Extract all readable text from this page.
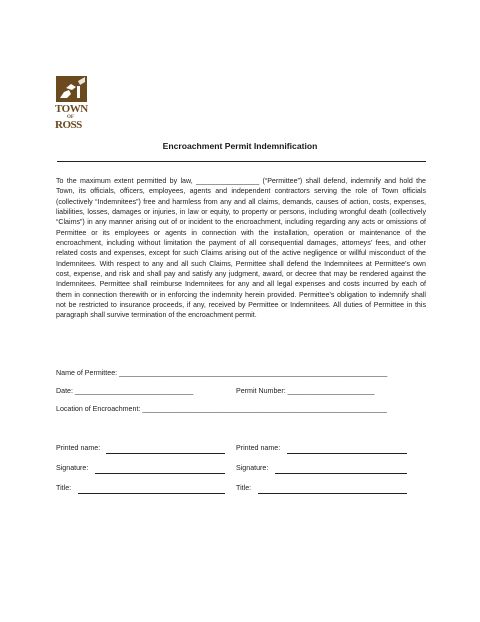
TOWN
OF
ROSS
Encroachment Permit Indemnification
To the maximum extent permitted by law, ________________ (“Permittee”) shall defend, indemnify and hold the Town, its officials, officers, employees, agents and independent contractors serving the role of Town officials (collectively “Indemnitees”) free and harmless from any and all claims, demands, causes of action, costs, expenses, liabilities, losses, damages or injuries, in law or equity, to property or persons, including wrongful death (collectively “Claims”) in any manner arising out of or incident to the encroachment, including regarding any acts or omissions of Permittee or its employees or agents in connection with the installation, operation or maintenance of the encroachment, including without limitation the payment of all consequential damages, attorneys’ fees, and other related costs and expenses, except for such Claims arising out of the active negligence or willful misconduct of the Indemnitees. With respect to any and all such Claims, Permittee shall defend the Indemnitees at Permittee’s own cost, expense, and risk and shall pay and satisfy any judgment, award, or decree that may be rendered against the Indemnitees. Permittee shall reimburse Indemnitees for any and all legal expenses and costs incurred by each of them in connection therewith or in enforcing the indemnity herein provided. Permittee’s obligation to indemnify shall not be restricted to insurance proceeds, if any, received by Permittee or Indemnitees. All duties of Permittee in this paragraph shall survive termination of the encroachment permit.
Name of Permittee: ____________________________________________________________________
Date: ______________________________	Permit Number: ______________________
Location of Encroachment: ______________________________________________________________
Printed name:
Signature:
Title:
Printed name:
Signature:
Title:
